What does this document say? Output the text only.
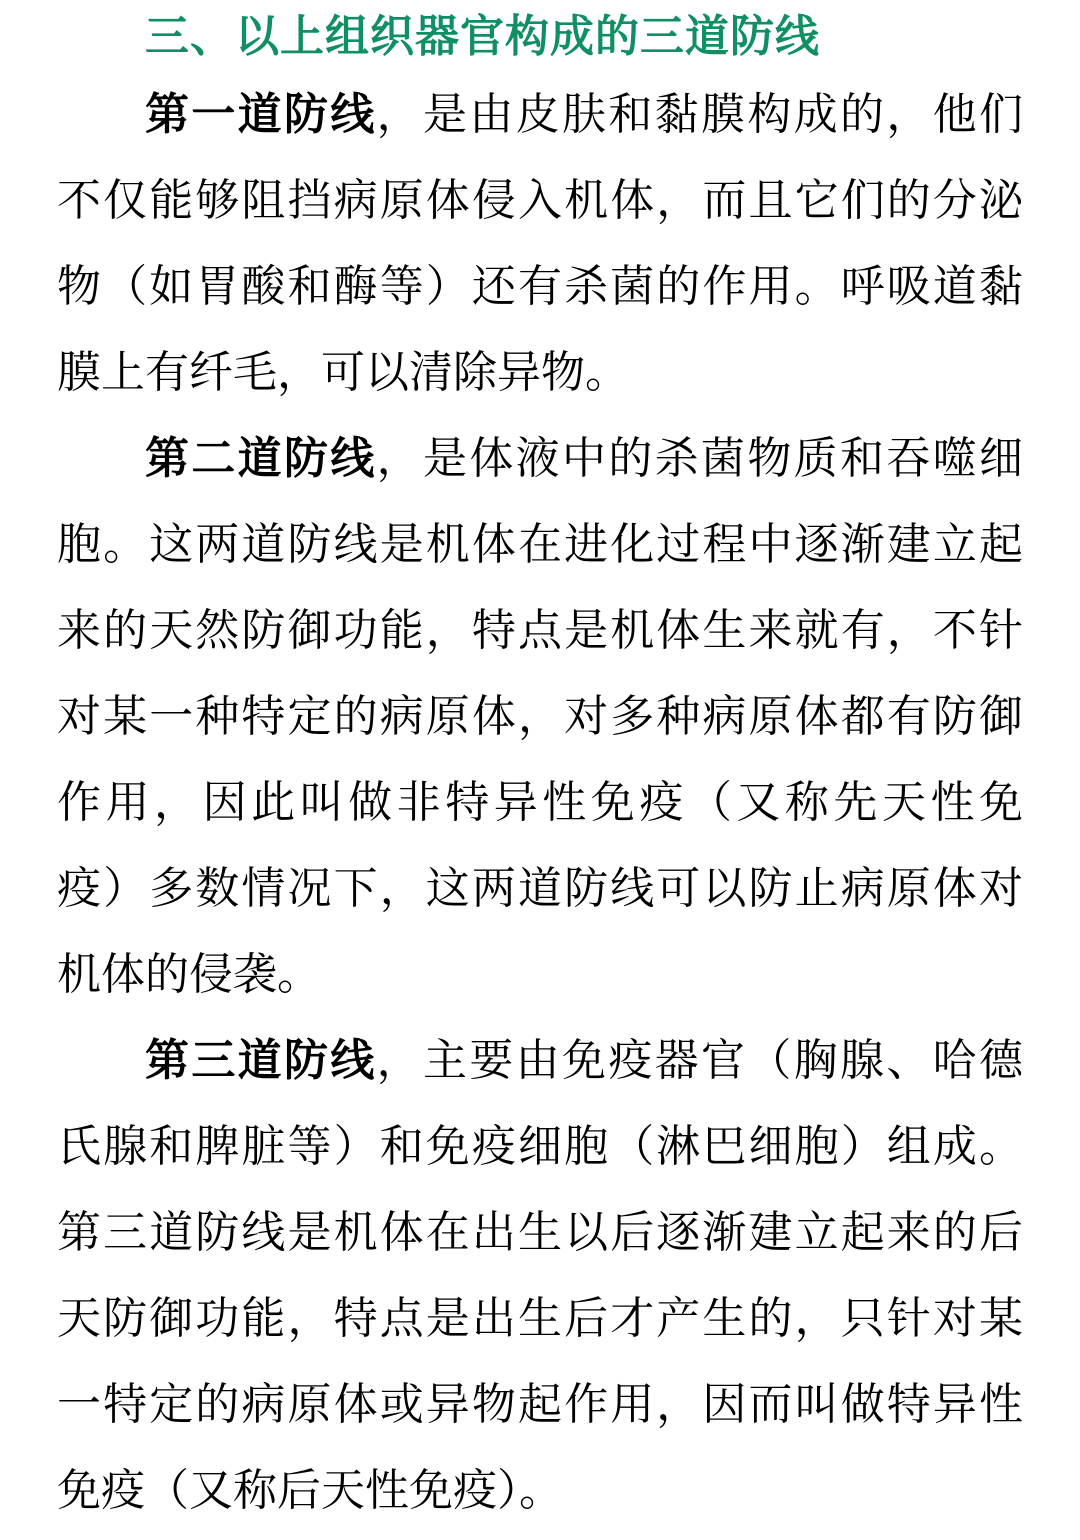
三、以上组织器官构成的三道防线
第一道防线，是由皮肤和黏膜构成的，他们
不仅能够阻挡病原体侵入机体，而且它们的分泌
物（如胃酸和酶等）还有杀菌的作用。呼吸道黏
膜上有纤毛，可以清除异物。
第二道防线，是体液中的杀菌物质和吞噬细
胞。这两道防线是机体在进化过程中逐渐建立起
来的天然防御功能，特点是机体生来就有，不针
对某一种特定的病原体，对多种病原体都有防御
作用，因此叫做非特异性免疫（又称先天性免
疫）多数情况下，这两道防线可以防止病原体对
机体的侵袭。
第三道防线，主要由免疫器官（胸腺、哈德
氏腺和脾脏等）和免疫细胞（淋巴细胞）组成。
第三道防线是机体在出生以后逐渐建立起来的后
天防御功能，特点是出生后才产生的，只针对某
一特定的病原体或异物起作用，因而叫做特异性
免疫（又称后天性免疫）。
